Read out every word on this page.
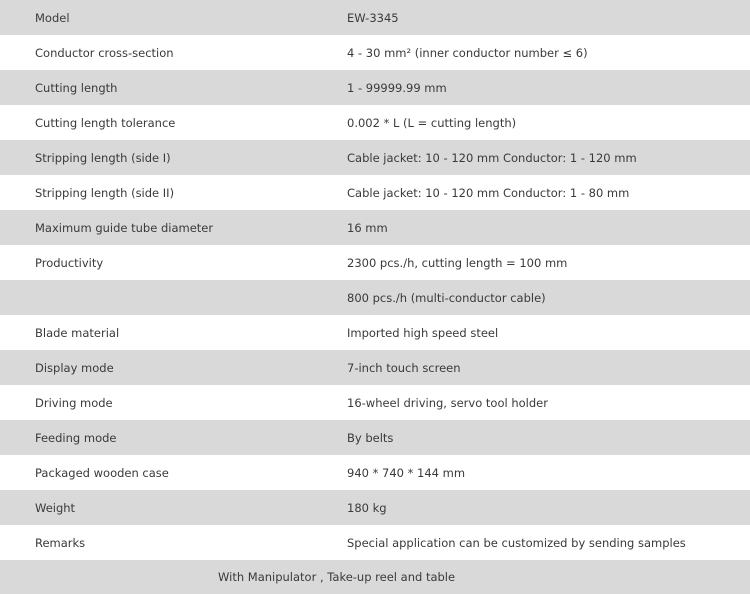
Model	EW-3345
Conductor cross-section	4 - 30 mm² (inner conductor number ≤ 6)
Cutting length	1 - 99999.99 mm
Cutting length tolerance	0.002 * L (L = cutting length)
Stripping length (side I)	Cable jacket: 10 - 120 mm Conductor: 1 - 120 mm
Stripping length (side II)	Cable jacket: 10 - 120 mm Conductor: 1 - 80 mm
Maximum guide tube diameter	16 mm
Productivity	2300 pcs./h, cutting length = 100 mm
	800 pcs./h (multi-conductor cable)
Blade material	Imported high speed steel
Display mode	7-inch touch screen
Driving mode	16-wheel driving, servo tool holder
Feeding mode	By belts
Packaged wooden case	940 * 740 * 144 mm
Weight	180 kg
Remarks	Special application can be customized by sending samples
With Manipulator , Take-up reel and table	
